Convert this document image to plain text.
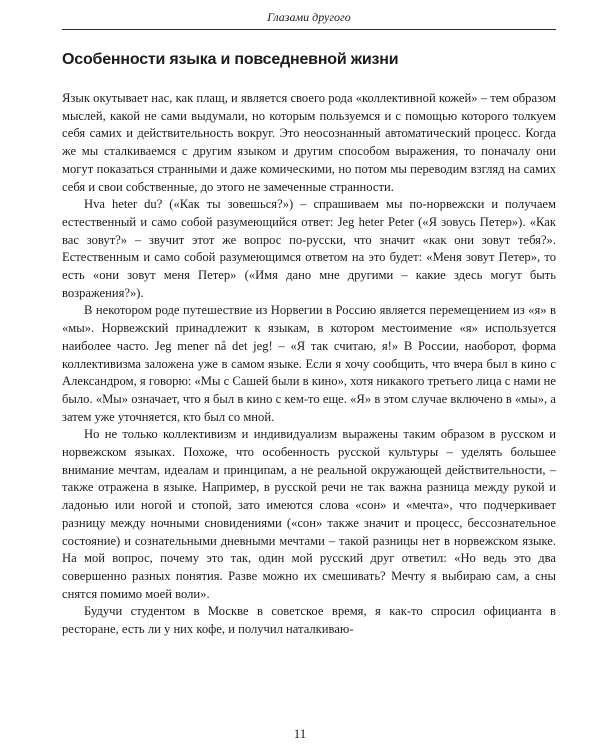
Глазами другого
Особенности языка и повседневной жизни

Язык окутывает нас, как плащ, и является своего рода «коллективной кожей» – тем образом мыслей, какой не сами выдумали, но которым пользуемся и с помощью которого толкуем себя самих и действительность вокруг. Это неосознанный автоматический процесс. Когда же мы сталкиваемся с другим языком и другим способом выражения, то поначалу они могут показаться странными и даже комическими, но потом мы переводим взгляд на самих себя и свои собственные, до этого не замеченные странности.

Hva heter du? («Как ты зовешься?») – спрашиваем мы по-норвежски и получаем естественный и само собой разумеющийся ответ: Jeg heter Peter («Я зовусь Петер»). «Как вас зовут?» – звучит этот же вопрос по-русски, что значит «как они зовут тебя?». Естественным и само собой разумеющимся ответом на это будет: «Меня зовут Петер», то есть «они зовут меня Петер» («Имя дано мне другими – какие здесь могут быть возражения?»).

В некотором роде путешествие из Норвегии в Россию является перемещением из «я» в «мы». Норвежский принадлежит к языкам, в котором местоимение «я» используется наиболее часто. Jeg mener nå det jeg! – «Я так считаю, я!» В России, наоборот, форма коллективизма заложена уже в самом языке. Если я хочу сообщить, что вчера был в кино с Александром, я говорю: «Мы с Сашей были в кино», хотя никакого третьего лица с нами не было. «Мы» означает, что я был в кино с кем-то еще. «Я» в этом случае включено в «мы», а затем уже уточняется, кто был со мной.

Но не только коллективизм и индивидуализм выражены таким образом в русском и норвежском языках. Похоже, что особенность русской культуры – уделять большее внимание мечтам, идеалам и принципам, а не реальной окружающей действительности, – также отражена в языке. Например, в русской речи не так важна разница между рукой и ладонью или ногой и стопой, зато имеются слова «сон» и «мечта», что подчеркивает разницу между ночными сновидениями («сон» также значит и процесс, бессознательное состояние) и сознательными дневными мечтами – такой разницы нет в норвежском языке. На мой вопрос, почему это так, один мой русский друг ответил: «Но ведь это два совершенно разных понятия. Разве можно их смешивать? Мечту я выбираю сам, а сны снятся помимо моей воли».

Будучи студентом в Москве в советское время, я как-то спросил официанта в ресторане, есть ли у них кофе, и получил наталкиваю-

11
